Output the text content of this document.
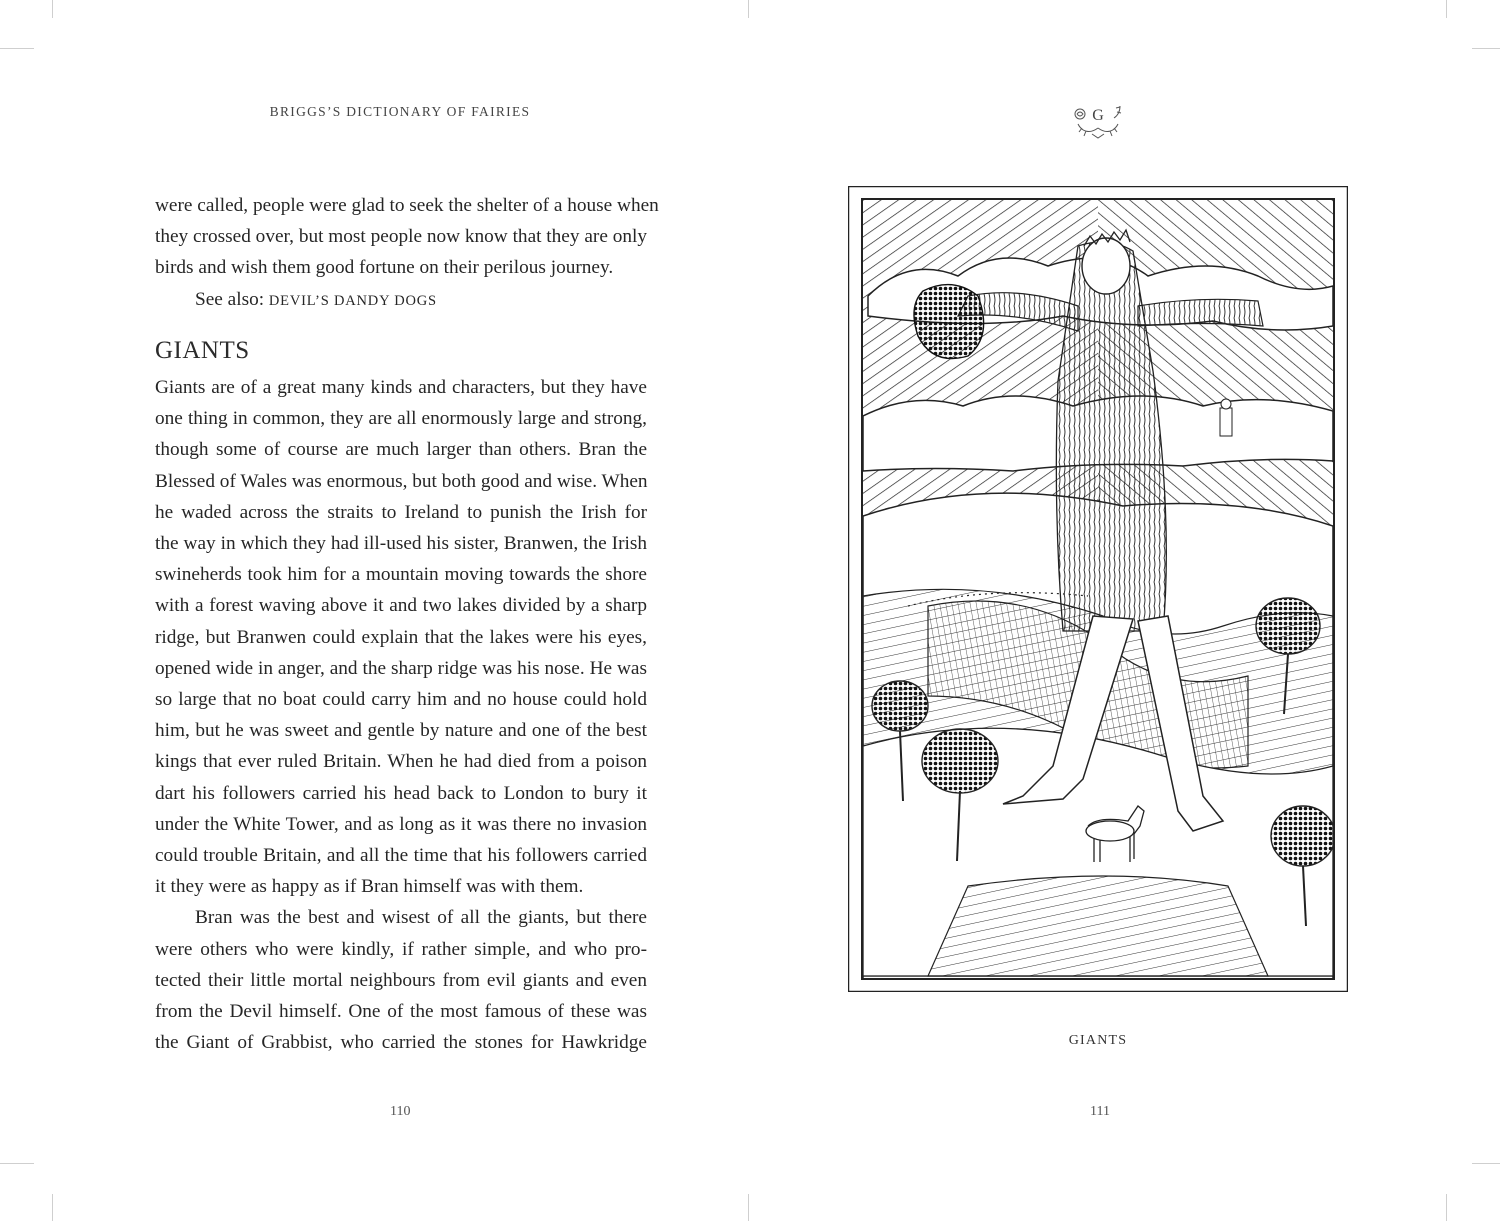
BRIGGS’S DICTIONARY OF FAIRIES

were called, people were glad to seek the shelter of a house when
they crossed over, but most people now know that they are only
birds and wish them good fortune on their perilous journey.

See also: DEVIL’S DANDY DOGS

GIANTS

Giants are of a great many kinds and characters, but they have
one thing in common, they are all enormously large and strong,
though some of course are much larger than others. Bran the
Blessed of Wales was enormous, but both good and wise. When
he waded across the straits to Ireland to punish the Irish for
the way in which they had ill-used his sister, Branwen, the Irish
swineherds took him for a mountain moving towards the shore
with a forest waving above it and two lakes divided by a sharp
ridge, but Branwen could explain that the lakes were his eyes,
opened wide in anger, and the sharp ridge was his nose. He was
so large that no boat could carry him and no house could hold
him, but he was sweet and gentle by nature and one of the best
kings that ever ruled Britain. When he had died from a poison
dart his followers carried his head back to London to bury it
under the White Tower, and as long as it was there no invasion
could trouble Britain, and all the time that his followers carried
it they were as happy as if Bran himself was with them.

Bran was the best and wisest of all the giants, but there
were others who were kindly, if rather simple, and who pro-
tected their little mortal neighbours from evil giants and even
from the Devil himself. One of the most famous of these was
the Giant of Grabbist, who carried the stones for Hawkridge

110
G
GIANTS
111
